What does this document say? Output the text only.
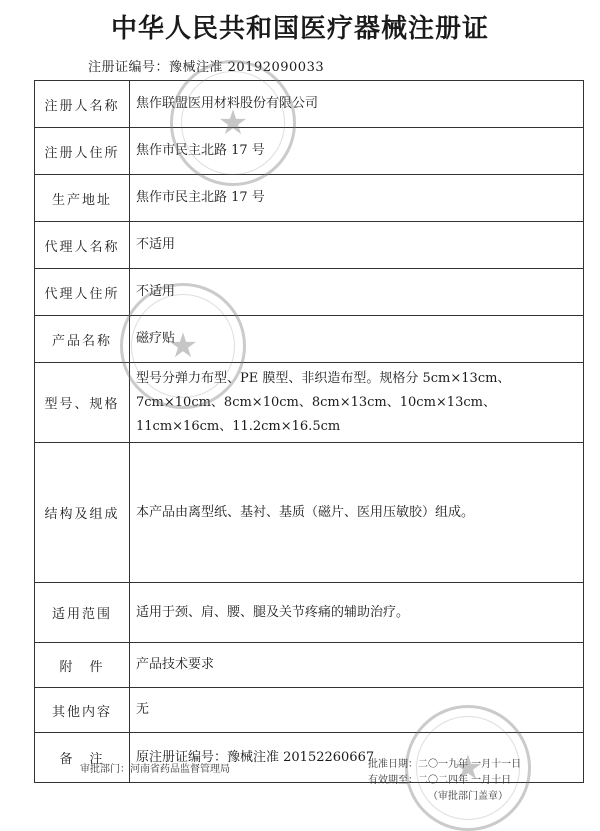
中华人民共和国医疗器械注册证
注册证编号：豫械注准 20192090033
注册人名称	焦作联盟医用材料股份有限公司
注册人住所	焦作市民主北路 17 号
生产地址	焦作市民主北路 17 号
代理人名称	不适用
代理人住所	不适用
产品名称	磁疗贴
型号、规格	型号分弹力布型、PE 膜型、非织造布型。规格分 5cm×13cm、7cm×10cm、8cm×10cm、8cm×13cm、10cm×13cm、11cm×16cm、11.2cm×16.5cm
结构及组成	本产品由离型纸、基衬、基质（磁片、医用压敏胶）组成。
适用范围	适用于颈、肩、腰、腿及关节疼痛的辅助治疗。
附　件	产品技术要求
其他内容	无
备　注	原注册证编号：豫械注准 20152260667
★
★
★
审批部门：河南省药品监督管理局	批准日期：二〇一九年 一月十一日
有效期至：二〇二四年 一月十日
（审批部门盖章）
